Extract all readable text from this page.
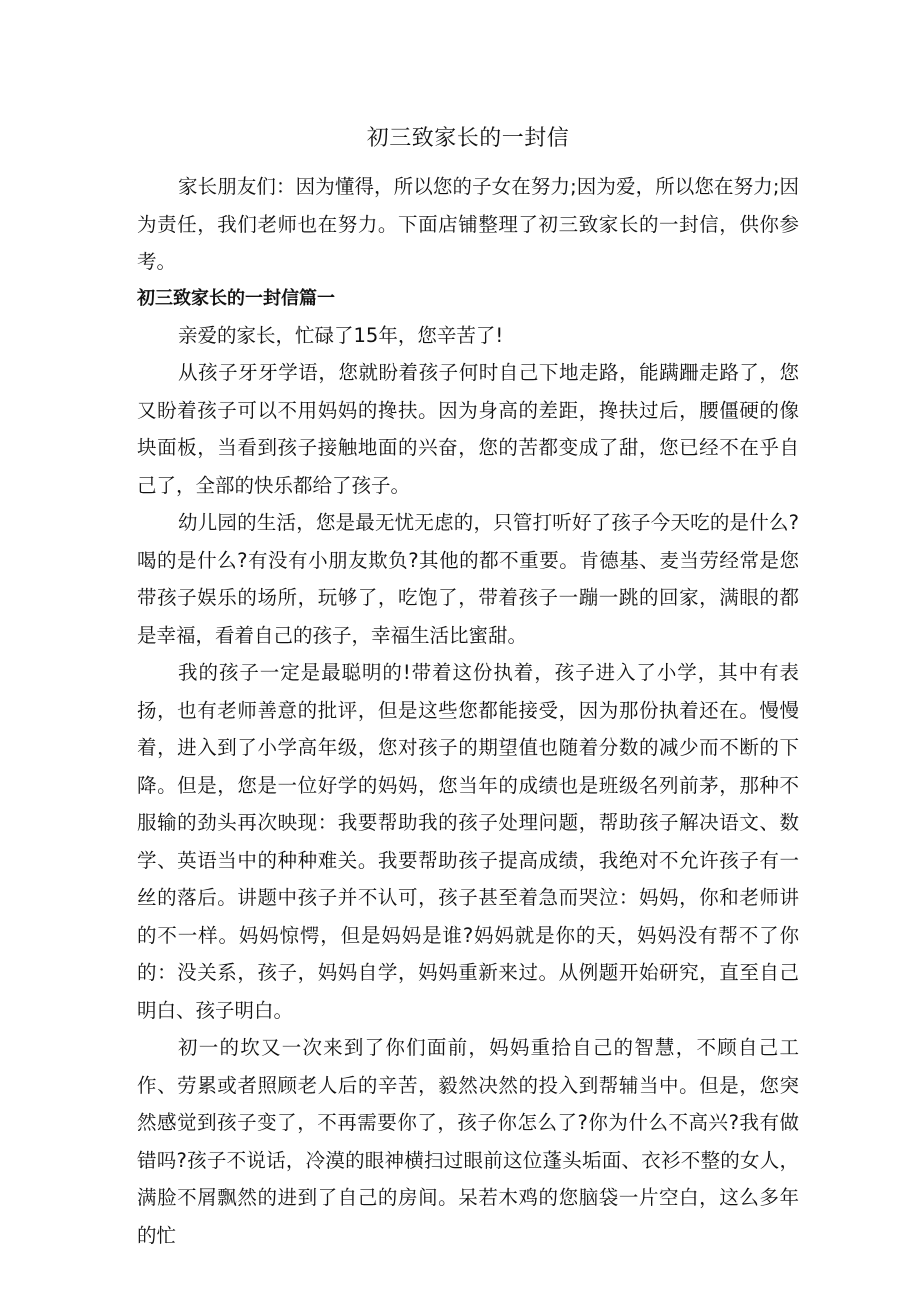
初三致家长的一封信

家长朋友们：因为懂得，所以您的子女在努力;因为爱，所以您在努力;因为责任，我们老师也在努力。下面店铺整理了初三致家长的一封信，供你参考。

初三致家长的一封信篇一

亲爱的家长，忙碌了15年，您辛苦了!

从孩子牙牙学语，您就盼着孩子何时自己下地走路，能蹒跚走路了，您又盼着孩子可以不用妈妈的搀扶。因为身高的差距，搀扶过后，腰僵硬的像块面板，当看到孩子接触地面的兴奋，您的苦都变成了甜，您已经不在乎自己了，全部的快乐都给了孩子。

幼儿园的生活，您是最无忧无虑的，只管打听好了孩子今天吃的是什么?喝的是什么?有没有小朋友欺负?其他的都不重要。肯德基、麦当劳经常是您带孩子娱乐的场所，玩够了，吃饱了，带着孩子一蹦一跳的回家，满眼的都是幸福，看着自己的孩子，幸福生活比蜜甜。

我的孩子一定是最聪明的!带着这份执着，孩子进入了小学，其中有表扬，也有老师善意的批评，但是这些您都能接受，因为那份执着还在。慢慢着，进入到了小学高年级，您对孩子的期望值也随着分数的减少而不断的下降。但是，您是一位好学的妈妈，您当年的成绩也是班级名列前茅，那种不服输的劲头再次映现：我要帮助我的孩子处理问题，帮助孩子解决语文、数学、英语当中的种种难关。我要帮助孩子提高成绩，我绝对不允许孩子有一丝的落后。讲题中孩子并不认可，孩子甚至着急而哭泣：妈妈，你和老师讲的不一样。妈妈惊愕，但是妈妈是谁?妈妈就是你的天，妈妈没有帮不了你的：没关系，孩子，妈妈自学，妈妈重新来过。从例题开始研究，直至自己明白、孩子明白。

初一的坎又一次来到了你们面前，妈妈重拾自己的智慧，不顾自己工作、劳累或者照顾老人后的辛苦，毅然决然的投入到帮辅当中。但是，您突然感觉到孩子变了，不再需要你了，孩子你怎么了?你为什么不高兴?我有做错吗?孩子不说话，冷漠的眼神横扫过眼前这位蓬头垢面、衣衫不整的女人，满脸不屑飘然的进到了自己的房间。呆若木鸡的您脑袋一片空白，这么多年的忙
